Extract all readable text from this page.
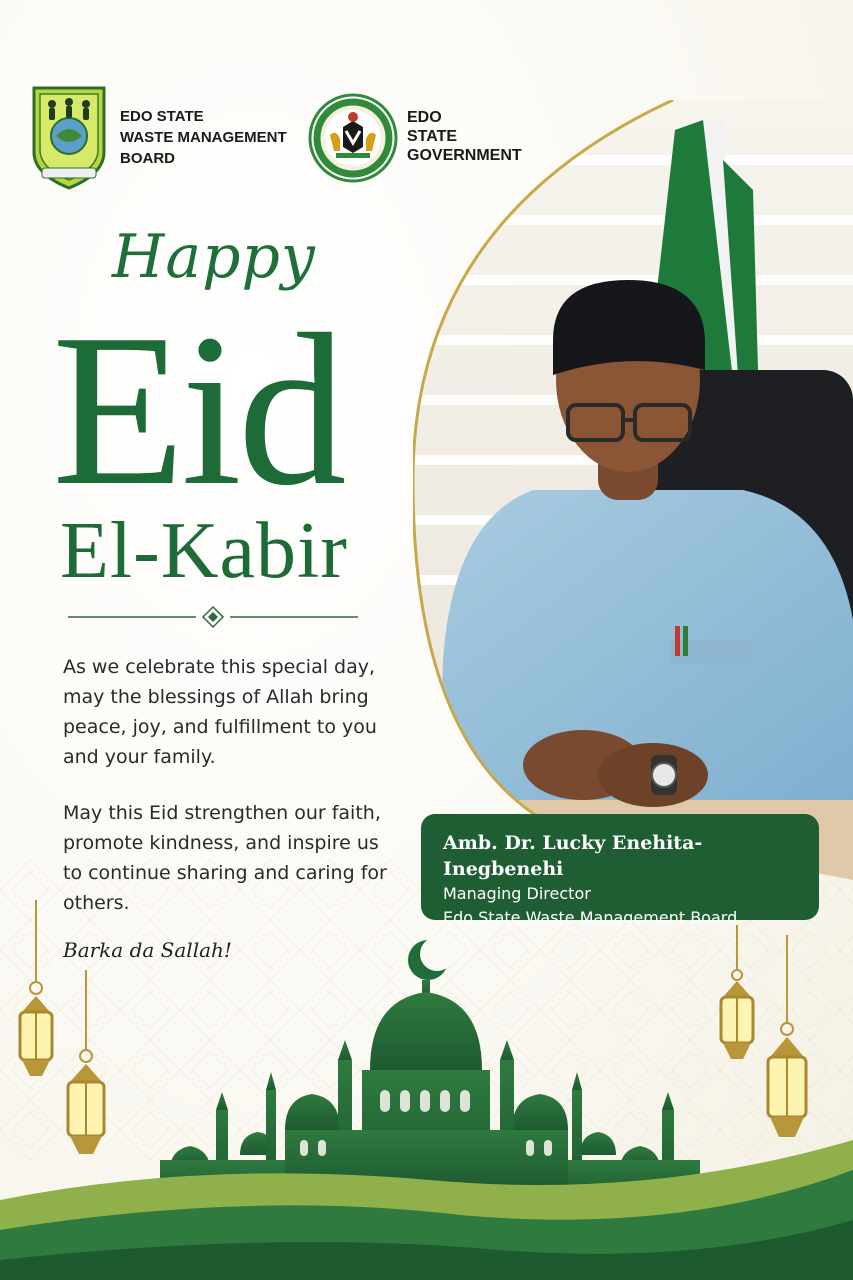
EDO STATE
WASTE MANAGEMENT
BOARD
EDO
STATE
GOVERNMENT
Happy
Eid
El-Kabir

As we celebrate this special day, may the blessings of Allah bring peace, joy, and fulfillment to you and your family.

May this Eid strengthen our faith, promote kindness, and inspire us to continue sharing and caring for others.

Barka da Sallah!
Amb. Dr. Lucky Enehita-Inegbenehi
Managing Director
Edo State Waste Management Board
